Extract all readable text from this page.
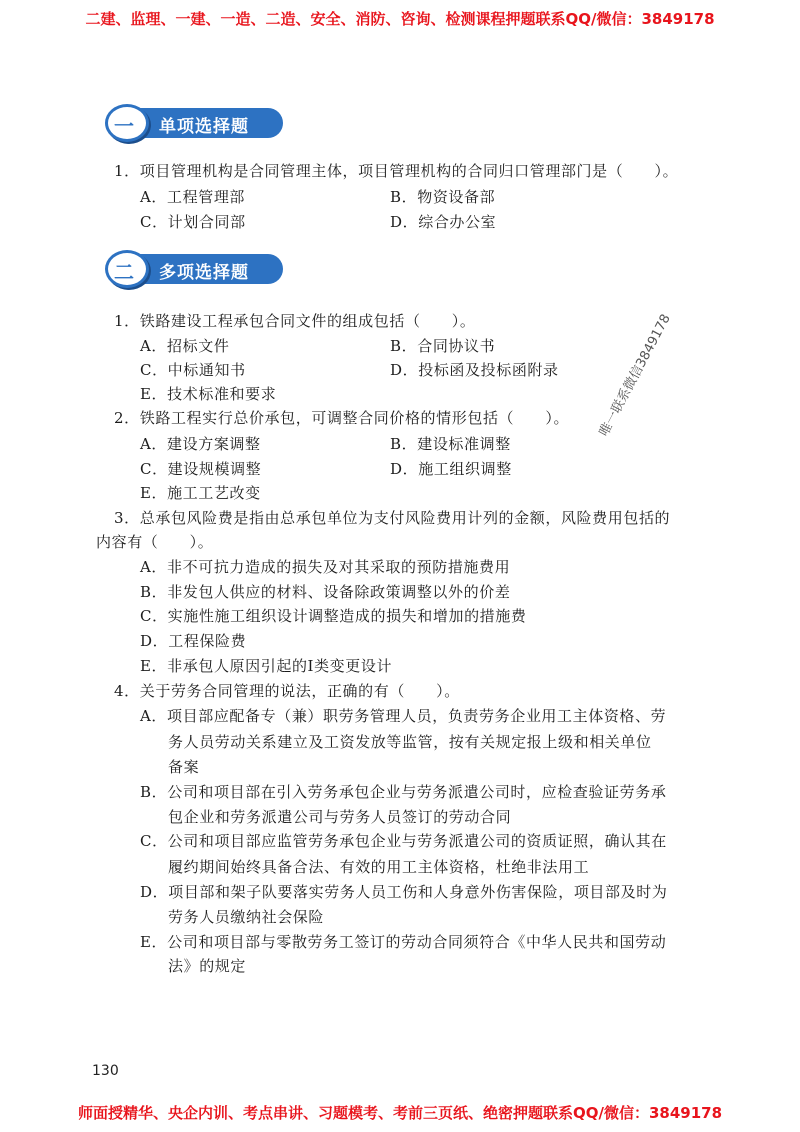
二建、监理、一建、一造、二造、安全、消防、咨询、检测课程押题联系QQ/微信：3849178
单项选择题
一
1．项目管理机构是合同管理主体，项目管理机构的合同归口管理部门是（　　）。
A．工程管理部	B．物资设备部
C．计划合同部	D．综合办公室
多项选择题
二
1．铁路建设工程承包合同文件的组成包括（　　）。
A．招标文件	B．合同协议书
C．中标通知书	D．投标函及投标函附录
E．技术标准和要求
2．铁路工程实行总价承包，可调整合同价格的情形包括（　　）。
A．建设方案调整	B．建设标准调整
C．建设规模调整	D．施工组织调整
E．施工工艺改变
3．总承包风险费是指由总承包单位为支付风险费用计列的金额，风险费用包括的
内容有（　　）。
A．非不可抗力造成的损失及对其采取的预防措施费用
B．非发包人供应的材料、设备除政策调整以外的价差
C．实施性施工组织设计调整造成的损失和增加的措施费
D．工程保险费
E．非承包人原因引起的Ⅰ类变更设计
4．关于劳务合同管理的说法，正确的有（　　）。
A．项目部应配备专（兼）职劳务管理人员，负责劳务企业用工主体资格、劳
务人员劳动关系建立及工资发放等监管，按有关规定报上级和相关单位
备案
B．公司和项目部在引入劳务承包企业与劳务派遣公司时，应检查验证劳务承
包企业和劳务派遣公司与劳务人员签订的劳动合同
C．公司和项目部应监管劳务承包企业与劳务派遣公司的资质证照，确认其在
履约期间始终具备合法、有效的用工主体资格，杜绝非法用工
D．项目部和架子队要落实劳务人员工伤和人身意外伤害保险，项目部及时为
劳务人员缴纳社会保险
E．公司和项目部与零散劳务工签订的劳动合同须符合《中华人民共和国劳动
法》的规定
唯一联系微信3849178
130
师面授精华、央企内训、考点串讲、习题模考、考前三页纸、绝密押题联系QQ/微信：3849178
